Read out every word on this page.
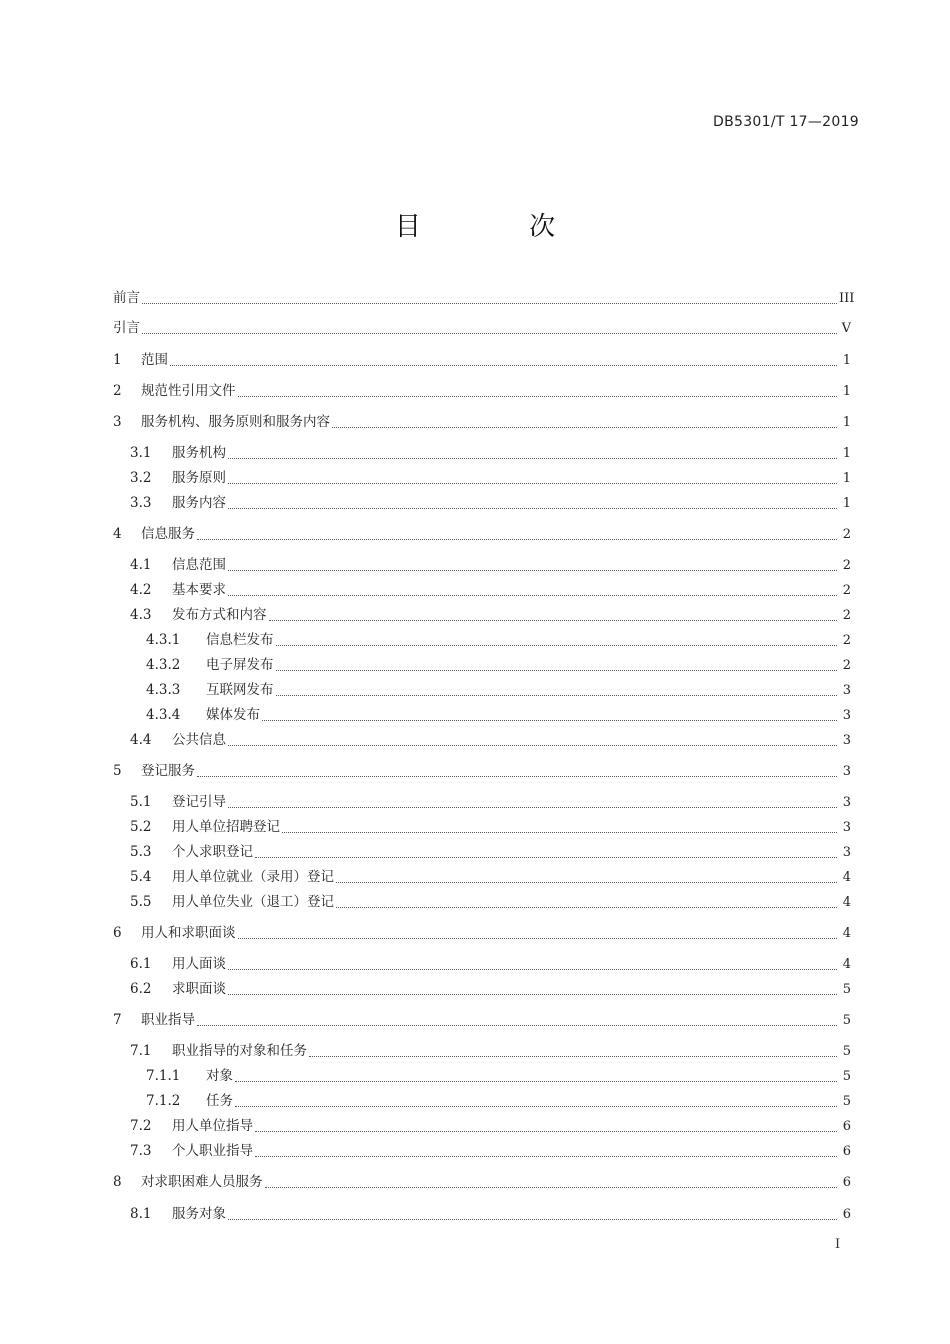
DB5301/T 17—2019
目 次
前言	III
引言	V
1	范围	1
2	规范性引用文件	1
3	服务机构、服务原则和服务内容	1
3.1	服务机构	1
3.2	服务原则	1
3.3	服务内容	1
4	信息服务	2
4.1	信息范围	2
4.2	基本要求	2
4.3	发布方式和内容	2
4.3.1	信息栏发布	2
4.3.2	电子屏发布	2
4.3.3	互联网发布	3
4.3.4	媒体发布	3
4.4	公共信息	3
5	登记服务	3
5.1	登记引导	3
5.2	用人单位招聘登记	3
5.3	个人求职登记	3
5.4	用人单位就业（录用）登记	4
5.5	用人单位失业（退工）登记	4
6	用人和求职面谈	4
6.1	用人面谈	4
6.2	求职面谈	5
7	职业指导	5
7.1	职业指导的对象和任务	5
7.1.1	对象	5
7.1.2	任务	5
7.2	用人单位指导	6
7.3	个人职业指导	6
8	对求职困难人员服务	6
8.1	服务对象	6
I
